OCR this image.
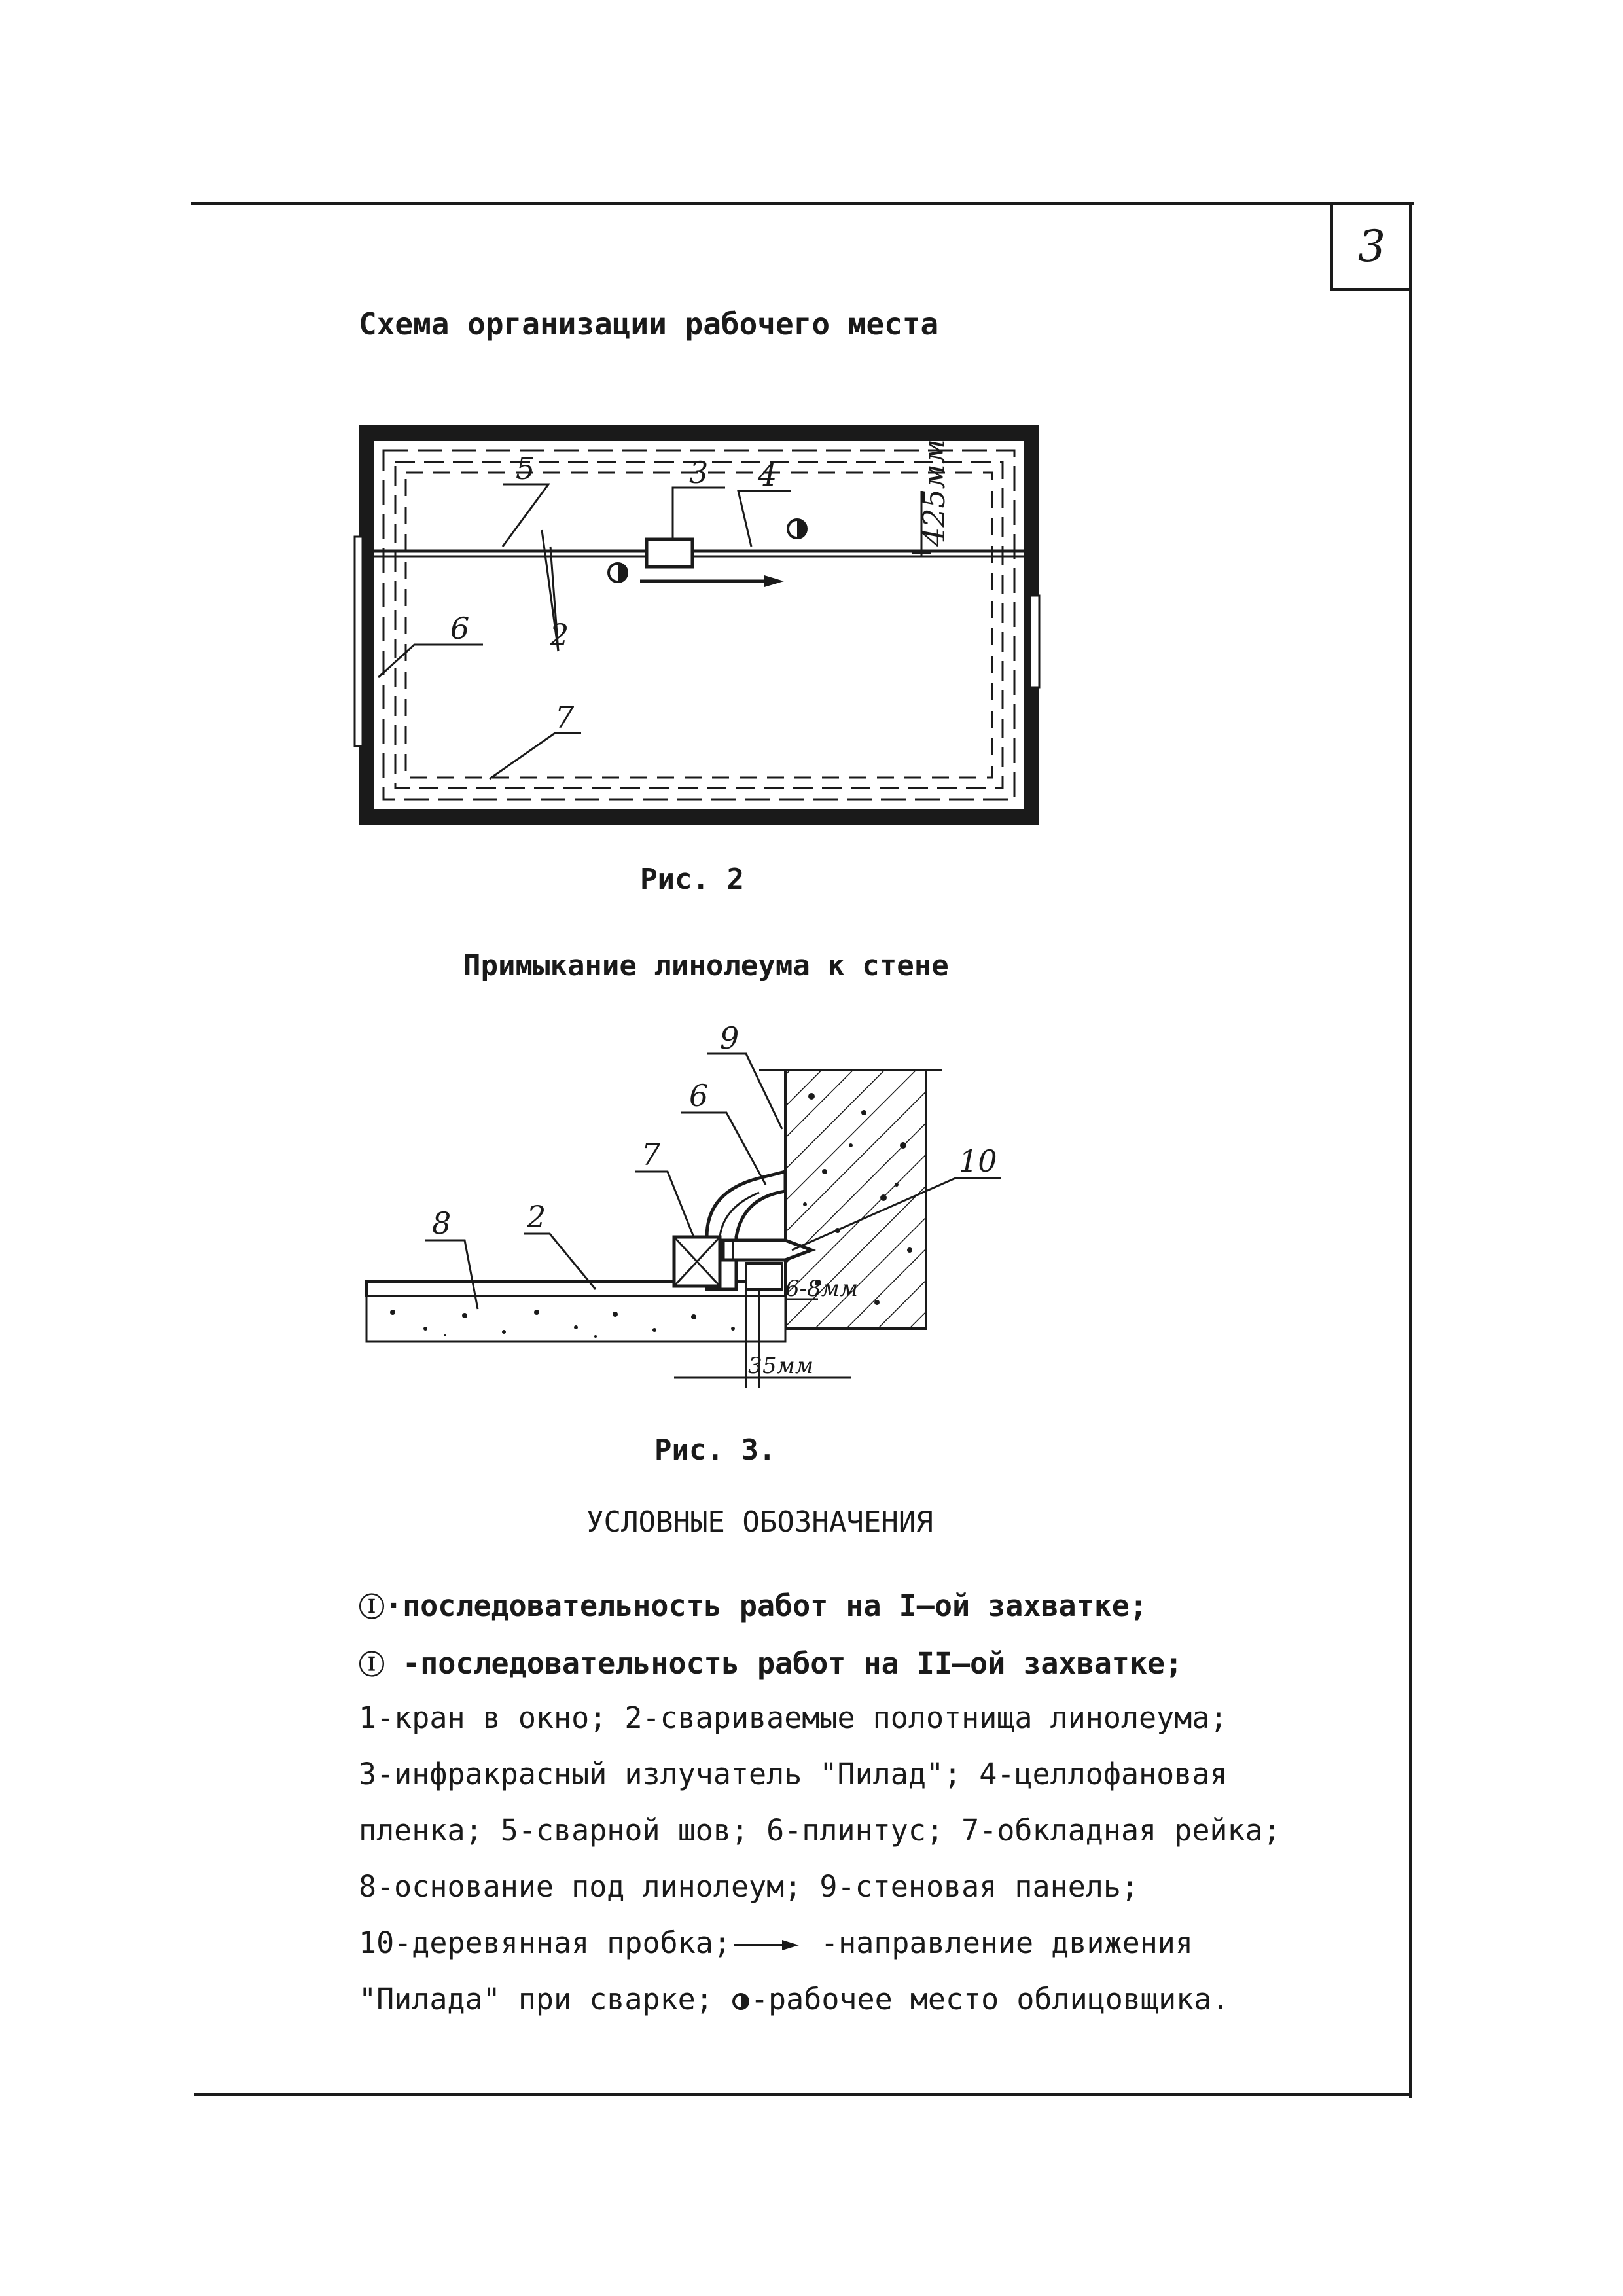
3
Схема организации рабочего места
425мм
5	3 4
2
6
7
Рис. 2
Примыкание линолеума к стене
9
6
7	10
2
8
6-8мм
3 5мм
Рис. 3.
УСЛОВНЫЕ ОБОЗНАЧЕНИЯ
Ⓘ·последовательность работ на I–ой захватке;
Ⓘ -последовательность работ на II–ой захватке;
1-кран в окно; 2-свариваемые полотнища линолеума;
3-инфракрасный излучатель "Пилад"; 4-целлофановая
пленка; 5-сварной шов; 6-плинтус; 7-обкладная рейка;
8-основание под линолеум; 9-стеновая панель;
10-деревянная пробка; -направление движения
"Пилада" при сварке; -рабочее место облицовщика.
